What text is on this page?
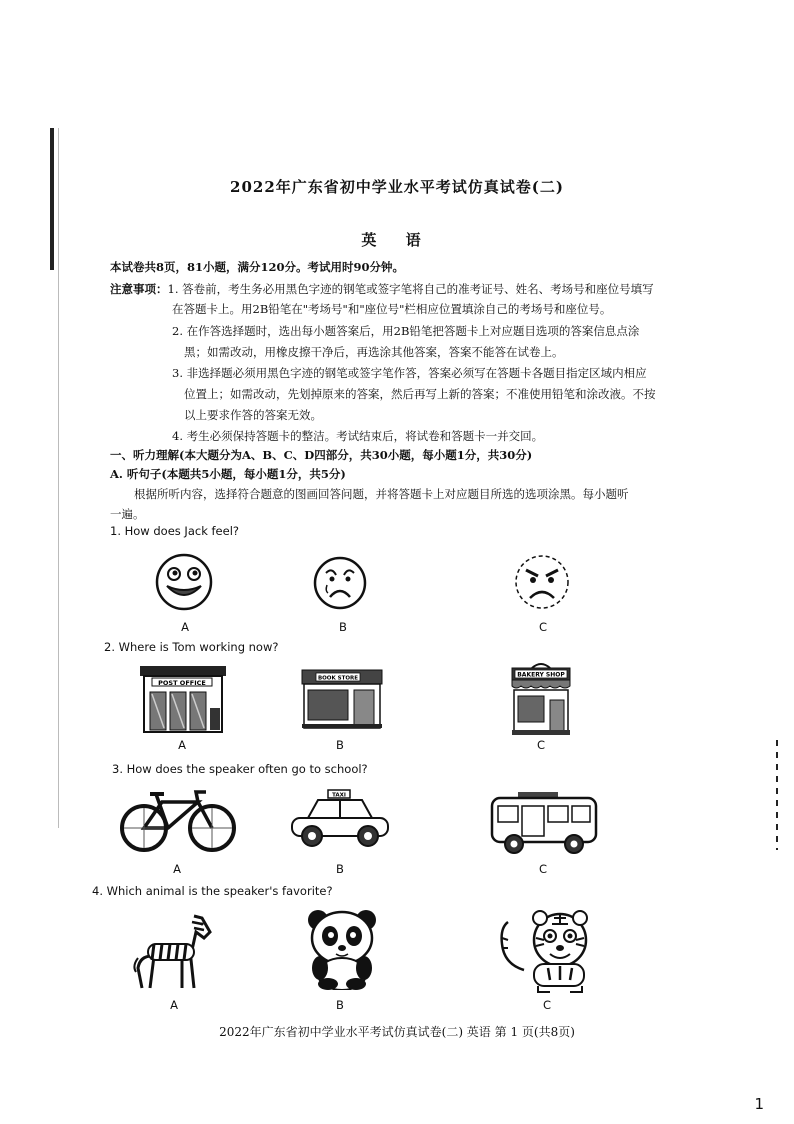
2022年广东省初中学业水平考试仿真试卷(二)
英 语
本试卷共8页，81小题，满分120分。考试用时90分钟。
注意事项：1. 答卷前，考生务必用黑色字迹的钢笔或签字笔将自己的准考证号、姓名、考场号和座位号填写
在答题卡上。用2B铅笔在"考场号"和"座位号"栏相应位置填涂自己的考场号和座位号。
2. 在作答选择题时，选出每小题答案后，用2B铅笔把答题卡上对应题目选项的答案信息点涂
黑；如需改动，用橡皮擦干净后，再选涂其他答案，答案不能答在试卷上。
3. 非选择题必须用黑色字迹的钢笔或签字笔作答，答案必须写在答题卡各题目指定区域内相应
位置上；如需改动，先划掉原来的答案，然后再写上新的答案；不准使用铅笔和涂改液。不按
以上要求作答的答案无效。
4. 考生必须保持答题卡的整洁。考试结束后，将试卷和答题卡一并交回。
一、听力理解(本大题分为A、B、C、D四部分，共30小题，每小题1分，共30分)
A. 听句子(本题共5小题，每小题1分，共5分)
根据所听内容，选择符合题意的图画回答问题，并将答题卡上对应题目所选的选项涂黑。每小题听
一遍。
1. How does Jack feel?
A	B	C
2. Where is Tom working now?
POST OFFICE
BOOK STORE	BAKERY SHOP
A	B	C
3. How does the speaker often go to school?
TAXI
A	B	C
4. Which animal is the speaker's favorite?
A	B	C
2022年广东省初中学业水平考试仿真试卷(二) 英语 第 1 页(共8页)
1
